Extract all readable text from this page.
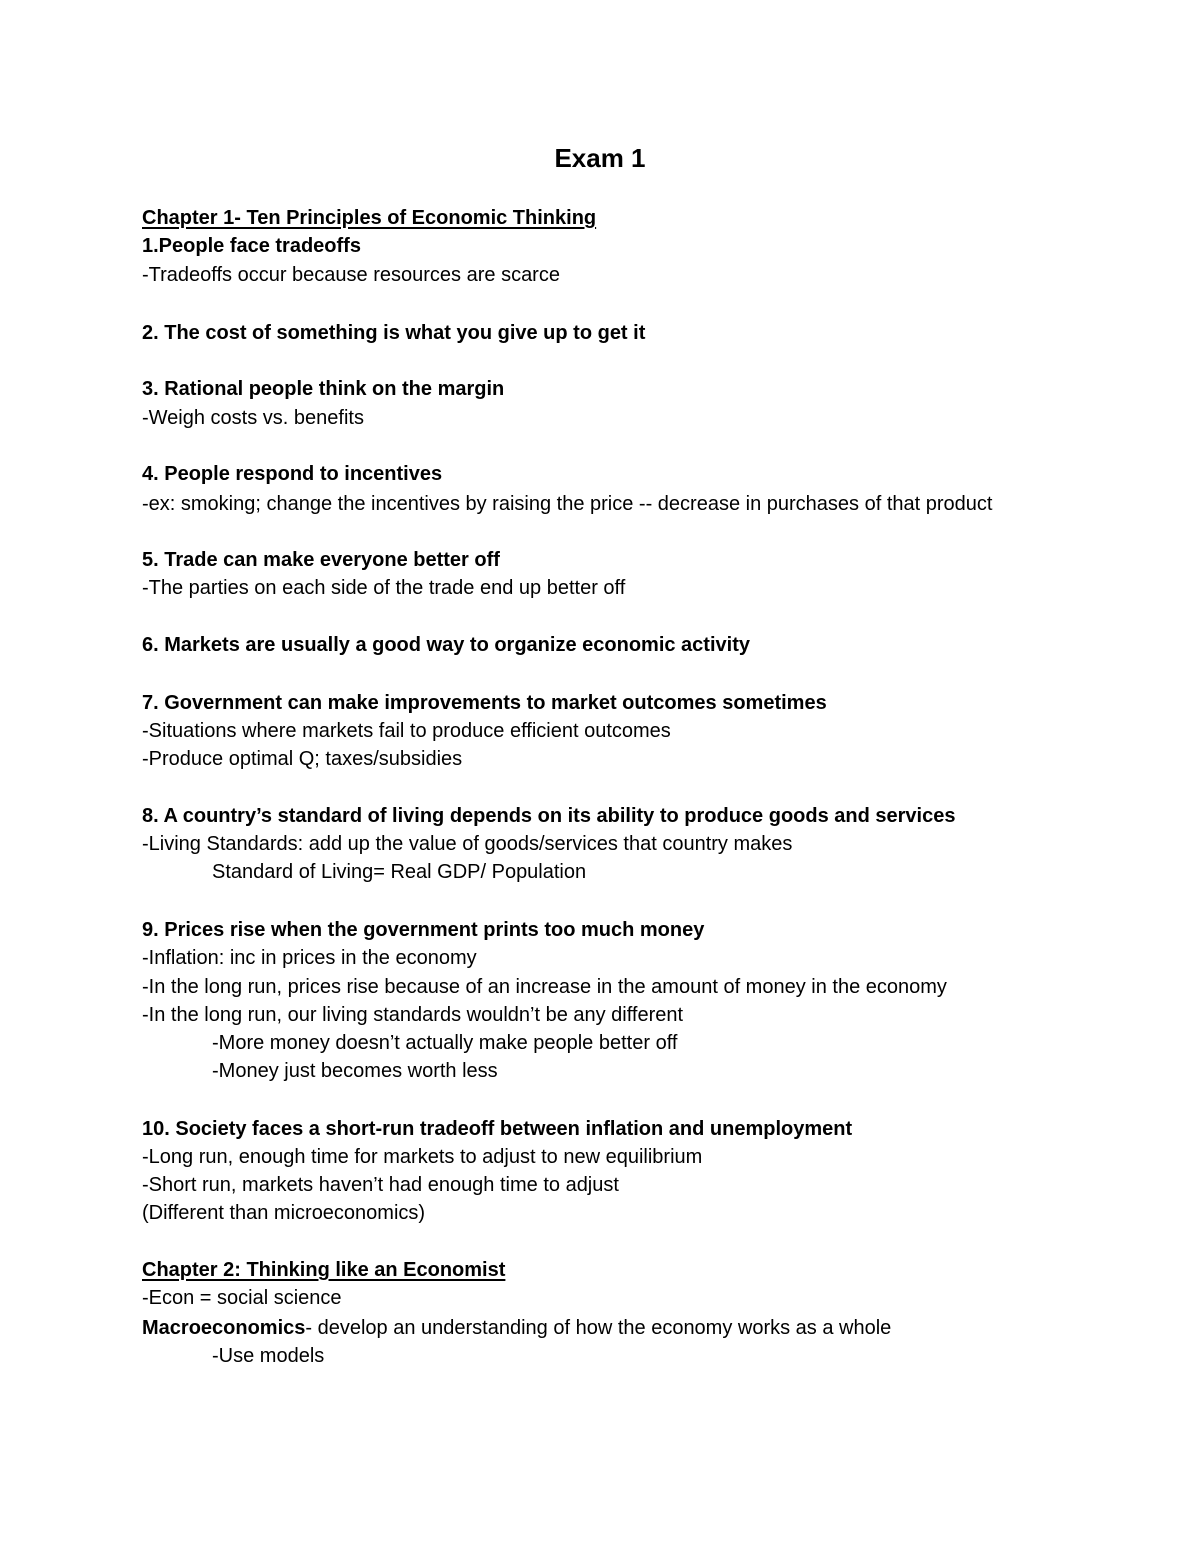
Exam 1
Chapter 1- Ten Principles of Economic Thinking
1.People face tradeoffs
-Tradeoffs occur because resources are scarce
2. The cost of something is what you give up to get it
3. Rational people think on the margin
-Weigh costs vs. benefits
4. People respond to incentives
-ex: smoking; change the incentives by raising the price -- decrease in purchases of that product
5. Trade can make everyone better off
-The parties on each side of the trade end up better off
6. Markets are usually a good way to organize economic activity
7. Government can make improvements to market outcomes sometimes
-Situations where markets fail to produce efficient outcomes
-Produce optimal Q; taxes/subsidies
8. A country’s standard of living depends on its ability to produce goods and services
-Living Standards: add up the value of goods/services that country makes
Standard of Living= Real GDP/ Population
9. Prices rise when the government prints too much money
-Inflation: inc in prices in the economy
-In the long run, prices rise because of an increase in the amount of money in the economy
-In the long run, our living standards wouldn’t be any different
-More money doesn’t actually make people better off
-Money just becomes worth less
10. Society faces a short-run tradeoff between inflation and unemployment
-Long run, enough time for markets to adjust to new equilibrium
-Short run, markets haven’t had enough time to adjust
(Different than microeconomics)
Chapter 2: Thinking like an Economist
-Econ = social science
Macroeconomics- develop an understanding of how the economy works as a whole
-Use models
